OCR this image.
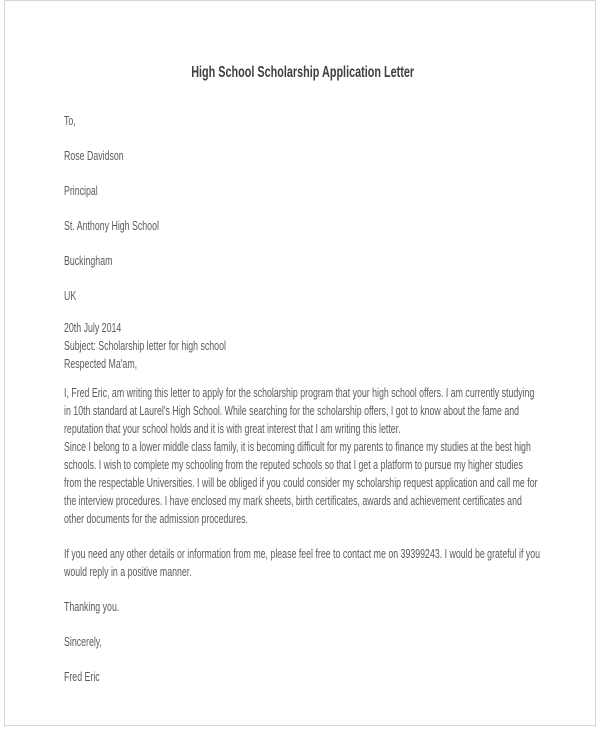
High School Scholarship Application Letter

To,

Rose Davidson

Principal

St. Anthony High School

Buckingham

UK

20th July 2014

Subject: Scholarship letter for high school

Respected Ma'am,

I, Fred Eric, am writing this letter to apply for the scholarship program that your high school offers. I am currently studying in 10th standard at Laurel's High School. While searching for the scholarship offers, I got to know about the fame and reputation that your school holds and it is with great interest that I am writing this letter.

Since I belong to a lower middle class family, it is becoming difficult for my parents to finance my studies at the best high schools. I wish to complete my schooling from the reputed schools so that I get a platform to pursue my higher studies from the respectable Universities. I will be obliged if you could consider my scholarship request application and call me for the interview procedures. I have enclosed my mark sheets, birth certificates, awards and achievement certificates and other documents for the admission procedures.

If you need any other details or information from me, please feel free to contact me on 39399243. I would be grateful if you would reply in a positive manner.

Thanking you.

Sincerely,

Fred Eric
